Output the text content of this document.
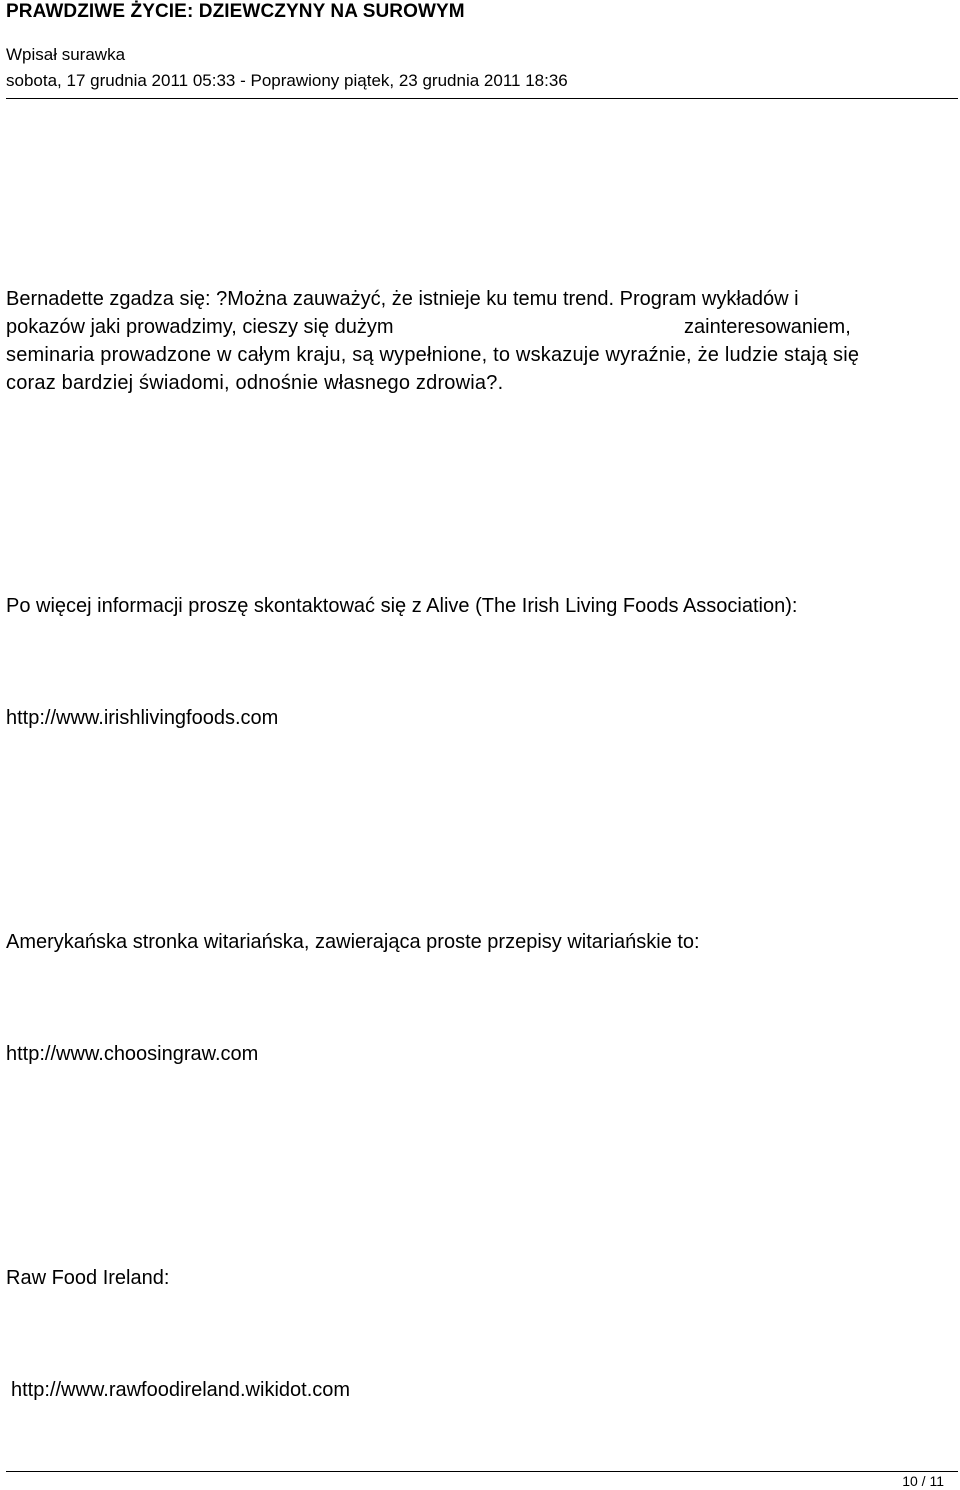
PRAWDZIWE ŻYCIE: DZIEWCZYNY NA SUROWYM
Wpisał surawka
sobota, 17 grudnia 2011 05:33 - Poprawiony piątek, 23 grudnia 2011 18:36
Bernadette zgadza się: ?Można zauważyć, że istnieje ku temu trend. Program wykładów i
pokazów jaki prowadzimy, cieszy się dużym	zainteresowaniem,
seminaria prowadzone w całym kraju, są wypełnione, to wskazuje wyraźnie, że ludzie stają się
coraz bardziej świadomi, odnośnie własnego zdrowia?.
Po więcej informacji proszę skontaktować się z Alive (The Irish Living Foods Association):
http://www.irishlivingfoods.com
Amerykańska stronka witariańska, zawierająca proste przepisy witariańskie to:
http://www.choosingraw.com
Raw Food Ireland:
http://www.rawfoodireland.wikidot.com
10 / 11
